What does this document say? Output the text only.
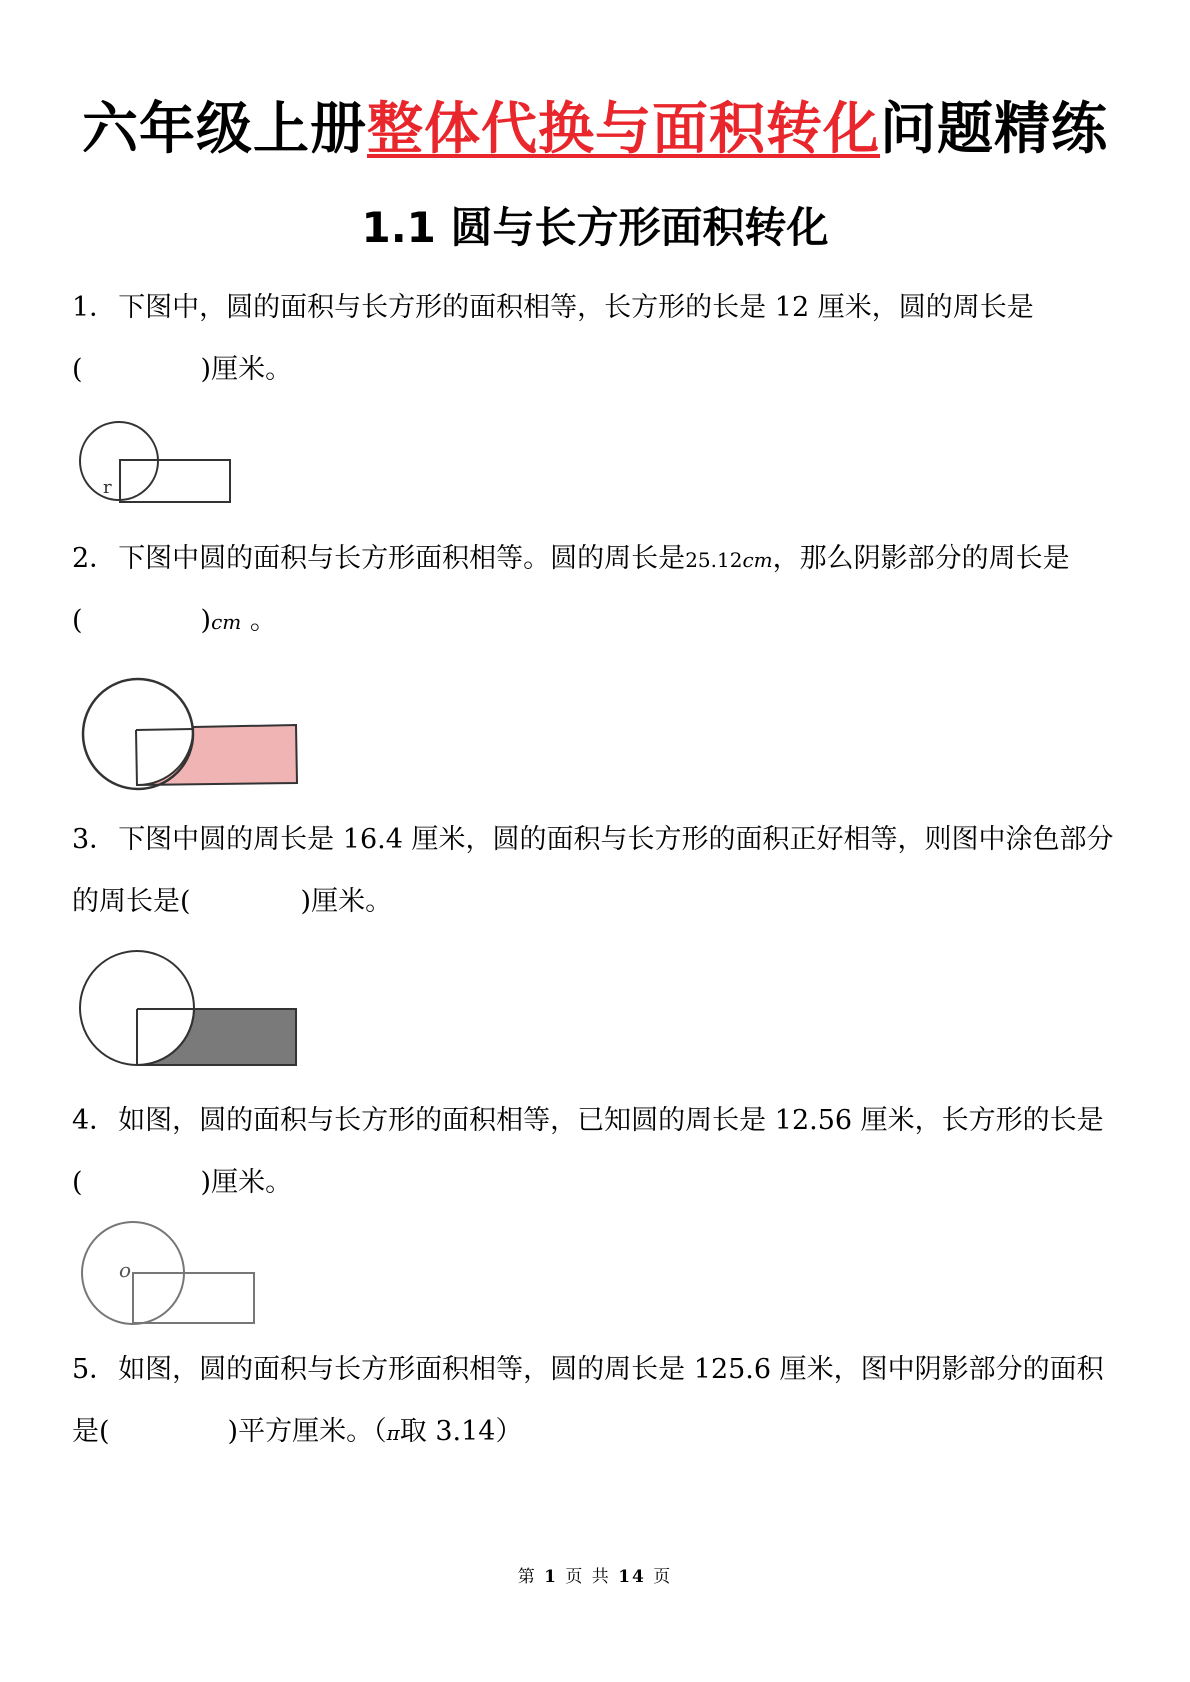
六年级上册整体代换与面积转化问题精练
1.1 圆与长方形面积转化
1．下图中，圆的面积与长方形的面积相等，长方形的长是 12 厘米，圆的周长是
(	)厘米。
r
2．下图中圆的面积与长方形面积相等。圆的周长是25.12cm，那么阴影部分的周长是
(	)cm 。
3．下图中圆的周长是 16.4 厘米，圆的面积与长方形的面积正好相等，则图中涂色部分
的周长是(	)厘米。
4．如图，圆的面积与长方形的面积相等，已知圆的周长是 12.56 厘米，长方形的长是
(	)厘米。
o
5．如图，圆的面积与长方形面积相等，圆的周长是 125.6 厘米，图中阴影部分的面积
是(	)平方厘米。（π取 3.14）
第 1 页 共 14 页
